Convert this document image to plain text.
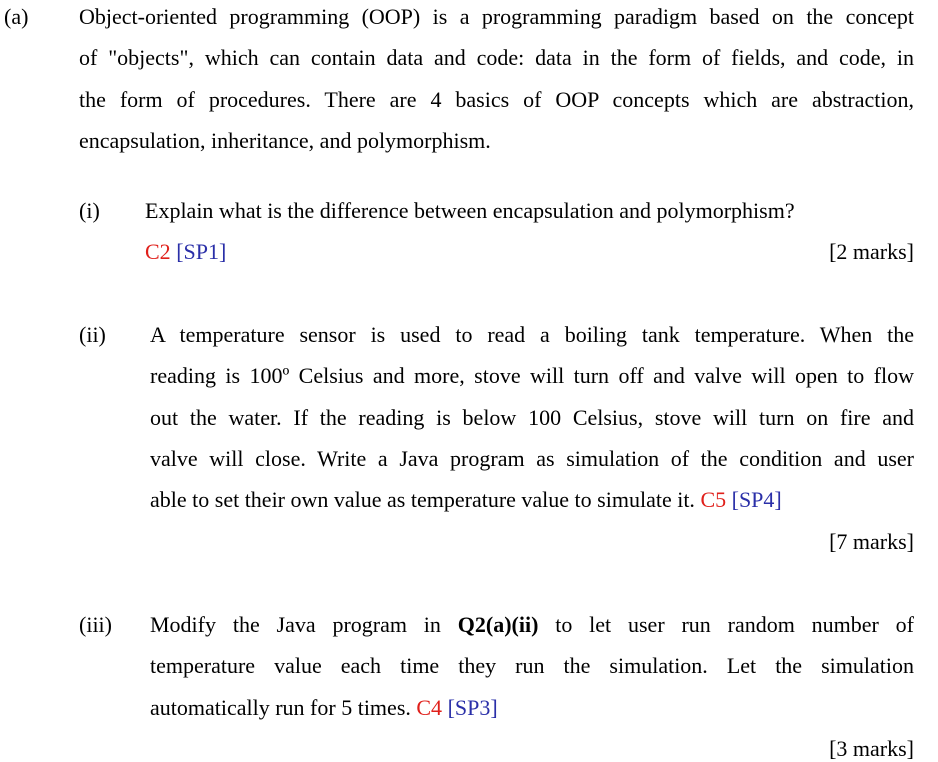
(a) Object-oriented programming (OOP) is a programming paradigm based on the concept
of "objects", which can contain data and code: data in the form of fields, and code, in
the form of procedures. There are 4 basics of OOP concepts which are abstraction,
encapsulation, inheritance, and polymorphism.
(i) Explain what is the difference between encapsulation and polymorphism?
C2 [SP1]	[2 marks]
(ii) A temperature sensor is used to read a boiling tank temperature. When the
reading is 100º Celsius and more, stove will turn off and valve will open to flow
out the water. If the reading is below 100 Celsius, stove will turn on fire and
valve will close. Write a Java program as simulation of the condition and user
able to set their own value as temperature value to simulate it. C5 [SP4]
[7 marks]
(iii) Modify the Java program in Q2(a)(ii) to let user run random number of
temperature value each time they run the simulation. Let the simulation
automatically run for 5 times. C4 [SP3]
[3 marks]
